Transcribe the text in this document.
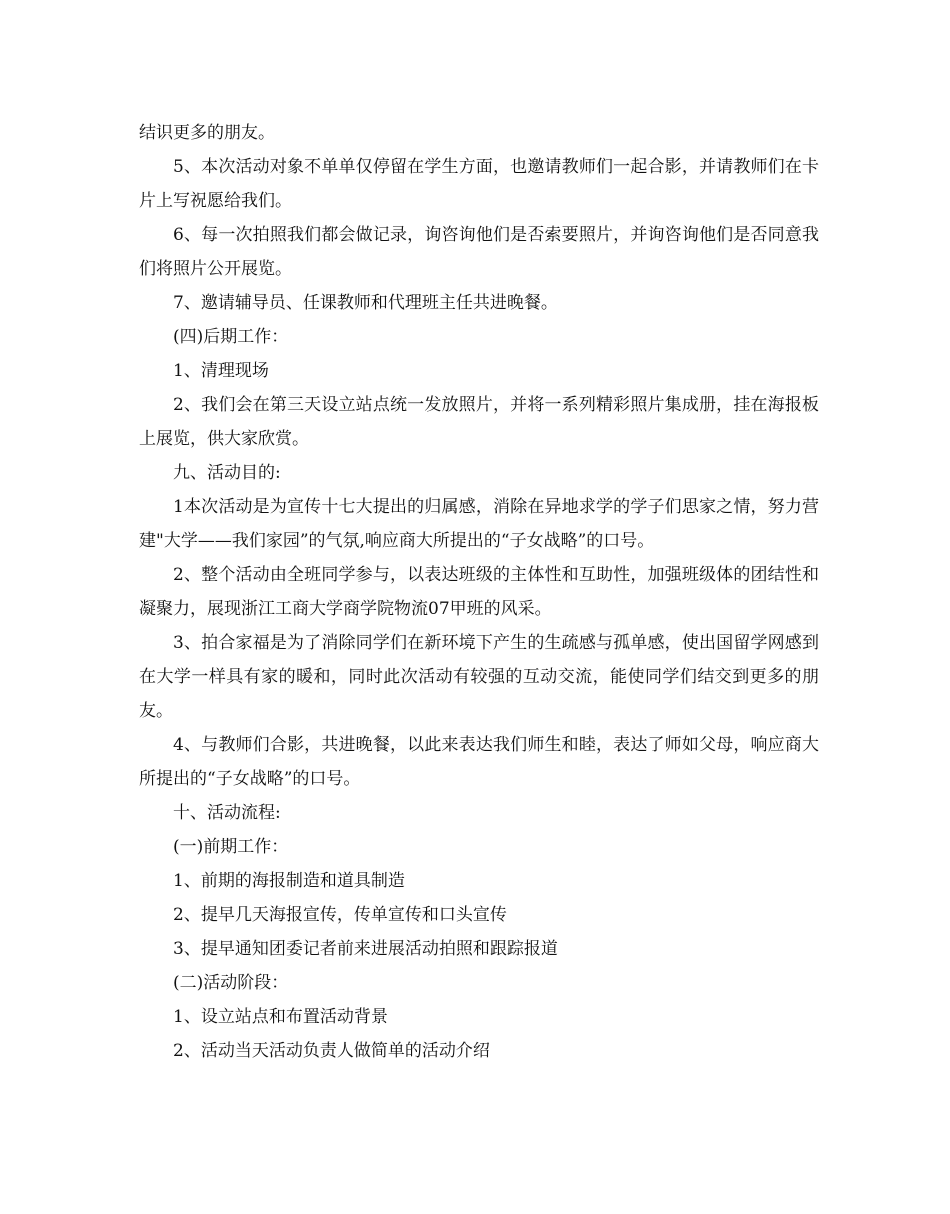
结识更多的朋友。

5、本次活动对象不单单仅停留在学生方面，也邀请教师们一起合影，并请教师们在卡片上写祝愿给我们。

6、每一次拍照我们都会做记录，询咨询他们是否索要照片，并询咨询他们是否同意我们将照片公开展览。

7、邀请辅导员、任课教师和代理班主任共进晚餐。

(四)后期工作：

1、清理现场

2、我们会在第三天设立站点统一发放照片，并将一系列精彩照片集成册，挂在海报板上展览，供大家欣赏。

九、活动目的:

1本次活动是为宣传十七大提出的归属感，消除在异地求学的学子们思家之情，努力营建"大学——我们家园”的气氛,响应商大所提出的“子女战略”的口号。

2、整个活动由全班同学参与，以表达班级的主体性和互助性，加强班级体的团结性和凝聚力，展现浙江工商大学商学院物流07甲班的风采。

3、拍合家福是为了消除同学们在新环境下产生的生疏感与孤单感，使出国留学网感到在大学一样具有家的暖和，同时此次活动有较强的互动交流，能使同学们结交到更多的朋友。

4、与教师们合影，共进晚餐，以此来表达我们师生和睦，表达了师如父母，响应商大所提出的“子女战略”的口号。

十、活动流程:

(一)前期工作：

1、前期的海报制造和道具制造

2、提早几天海报宣传，传单宣传和口头宣传

3、提早通知团委记者前来进展活动拍照和跟踪报道

(二)活动阶段：

1、设立站点和布置活动背景

2、活动当天活动负责人做简单的活动介绍
